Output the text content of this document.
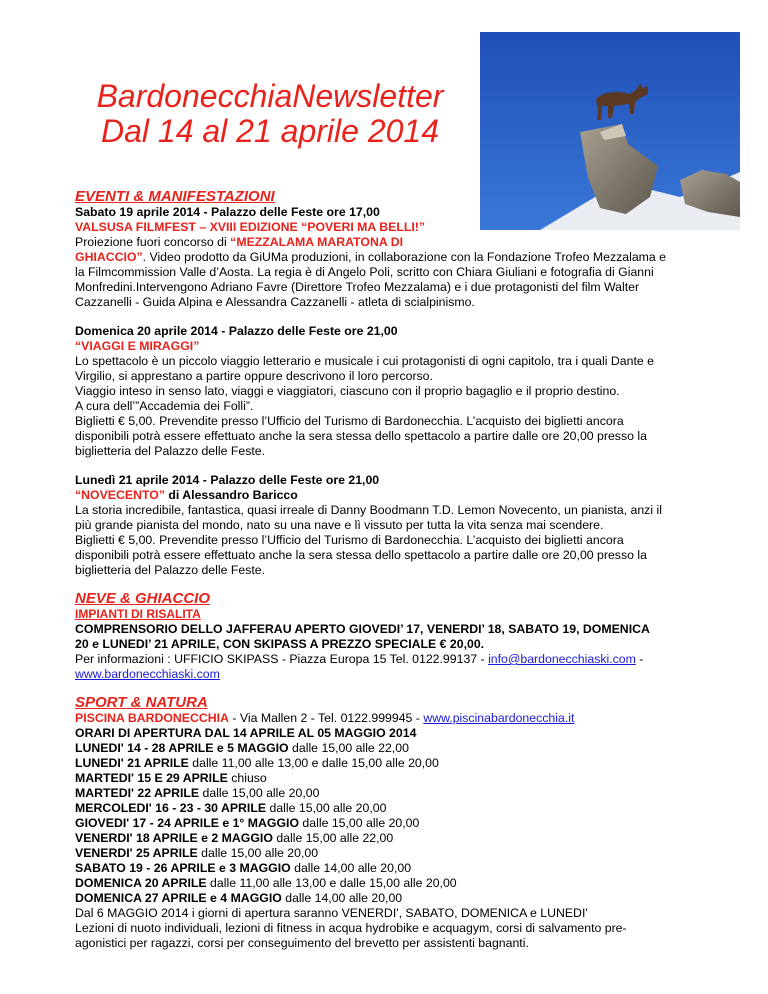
BardonecchiaNewsletter
Dal 14 al 21 aprile 2014
EVENTI & MANIFESTAZIONI

Sabato 19 aprile 2014 - Palazzo delle Feste ore 17,00

VALSUSA FILMFEST – XVIII EDIZIONE “POVERI MA BELLI!”

Proiezione fuori concorso di “MEZZALAMA MARATONA DI

GHIACCIO”. Video prodotto da GiUMa produzioni, in collaborazione con la Fondazione Trofeo Mezzalama e

la Filmcommission Valle d’Aosta. La regia è di Angelo Poli, scritto con Chiara Giuliani e fotografia di Gianni

Monfredini.Intervengono Adriano Favre (Direttore Trofeo Mezzalama) e i due protagonisti del film Walter

Cazzanelli - Guida Alpina e Alessandra Cazzanelli - atleta di scialpinismo.

Domenica 20 aprile 2014 - Palazzo delle Feste ore 21,00

“VIAGGI E MIRAGGI”

Lo spettacolo è un piccolo viaggio letterario e musicale i cui protagonisti di ogni capitolo, tra i quali Dante e

Virgilio, si apprestano a partire oppure descrivono il loro percorso.

Viaggio inteso in senso lato, viaggi e viaggiatori, ciascuno con il proprio bagaglio e il proprio destino.

A cura dell’”Accademia dei Folli”.

Biglietti € 5,00. Prevendite presso l’Ufficio del Turismo di Bardonecchia. L’acquisto dei biglietti ancora

disponibili potrà essere effettuato anche la sera stessa dello spettacolo a partire dalle ore 20,00 presso la

biglietteria del Palazzo delle Feste.

Lunedì 21 aprile 2014 - Palazzo delle Feste ore 21,00

“NOVECENTO” di Alessandro Baricco

La storia incredibile, fantastica, quasi irreale di Danny Boodmann T.D. Lemon Novecento, un pianista, anzi il

più grande pianista del mondo, nato su una nave e lì vissuto per tutta la vita senza mai scendere.

Biglietti € 5,00. Prevendite presso l’Ufficio del Turismo di Bardonecchia. L’acquisto dei biglietti ancora

disponibili potrà essere effettuato anche la sera stessa dello spettacolo a partire dalle ore 20,00 presso la

biglietteria del Palazzo delle Feste.

NEVE & GHIACCIO

IMPIANTI DI RISALITA

COMPRENSORIO DELLO JAFFERAU APERTO GIOVEDI’ 17, VENERDI’ 18, SABATO 19, DOMENICA

20 e LUNEDI’ 21 APRILE, CON SKIPASS A PREZZO SPECIALE € 20,00.

Per informazioni : UFFICIO SKIPASS - Piazza Europa 15 Tel. 0122.99137 - info@bardonecchiaski.com -

www.bardonecchiaski.com

SPORT & NATURA

PISCINA BARDONECCHIA - Via Mallen 2 - Tel. 0122.999945 - www.piscinabardonecchia.it

ORARI DI APERTURA DAL 14 APRILE AL 05 MAGGIO 2014

LUNEDI' 14 - 28 APRILE e 5 MAGGIO dalle 15,00 alle 22,00

LUNEDI' 21 APRILE dalle 11,00 alle 13,00 e dalle 15,00 alle 20,00

MARTEDI' 15 E 29 APRILE chiuso

MARTEDI' 22 APRILE dalle 15,00 alle 20,00

MERCOLEDI' 16 - 23 - 30 APRILE dalle 15,00 alle 20,00

GIOVEDI' 17 - 24 APRILE e 1° MAGGIO dalle 15,00 alle 20,00

VENERDI' 18 APRILE e 2 MAGGIO dalle 15,00 alle 22,00

VENERDI' 25 APRILE dalle 15,00 alle 20,00

SABATO 19 - 26 APRILE e 3 MAGGIO dalle 14,00 alle 20,00

DOMENICA 20 APRILE dalle 11,00 alle 13,00 e dalle 15,00 alle 20,00

DOMENICA 27 APRILE e 4 MAGGIO dalle 14,00 alle 20,00

Dal 6 MAGGIO 2014 i giorni di apertura saranno VENERDI', SABATO, DOMENICA e LUNEDI'

Lezioni di nuoto individuali, lezioni di fitness in acqua hydrobike e acquagym, corsi di salvamento pre-

agonistici per ragazzi, corsi per conseguimento del brevetto per assistenti bagnanti.
